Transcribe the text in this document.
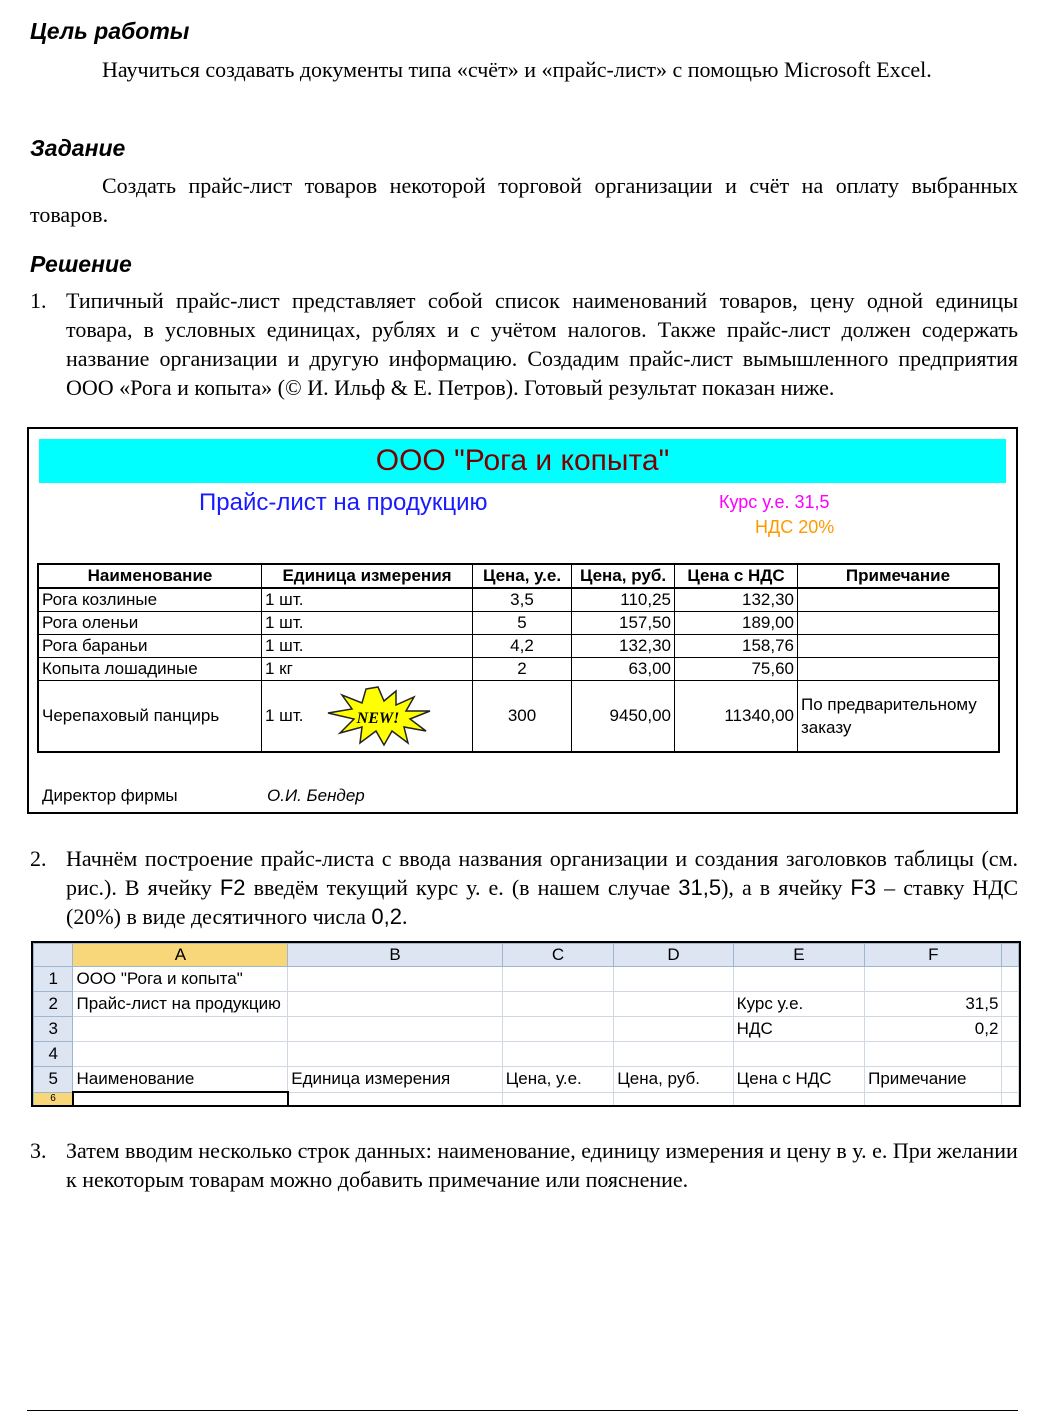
Цель работы

Научиться создавать документы типа «счёт» и «прайс-лист» с помощью Microsoft Excel.

Задание

Создать прайс-лист товаров некоторой торговой организации и счёт на оплату выбранных товаров.

Решение
1. Типичный прайс-лист представляет собой список наименований товаров, цену одной единицы товара, в условных единицах, рублях и с учётом налогов. Также прайс-лист должен содержать название организации и другую информацию. Создадим прайс-лист вымышленного предприятия ООО «Рога и копыта» (© И. Ильф & Е. Петров). Готовый результат показан ниже.
ООО "Рога и копыта"
Прайс-лист на продукцию	Курс у.е. 31,5
НДС 20%
Наименование	Единица измерения	Цена, у.е.	Цена, руб.	Цена с НДС	Примечание
Рога козлиные	1 шт.	3,5	110,25	132,30	
Рога оленьи	1 шт.	5	157,50	189,00	
Рога бараньи	1 шт.	4,2	132,30	158,76	
Копыта лошадиные	1 кг	2	63,00	75,60	
Черепаховый панцирь	1 шт. NEW!	300	9450,00	11340,00	По предварительному заказу
Директор фирмы	О.И. Бендер
2. Начнём построение прайс-листа с ввода названия организации и создания заголовков таблицы (см. рис.). В ячейку F2 введём текущий курс у. е. (в нашем случае 31,5), а в ячейку F3 – ставку НДС (20%) в виде десятичного числа 0,2.
	A	B	C	D	E	F	
1	ООО "Рога и копыта"						
2	Прайс-лист на продукцию				Курс у.е.	31,5	
3					НДС	0,2	
4							
5	Наименование	Единица измерения	Цена, у.е.	Цена, руб.	Цена с НДС	Примечание	
6							
3. Затем вводим несколько строк данных: наименование, единицу измерения и цену в у. е. При желании к некоторым товарам можно добавить примечание или пояснение.
